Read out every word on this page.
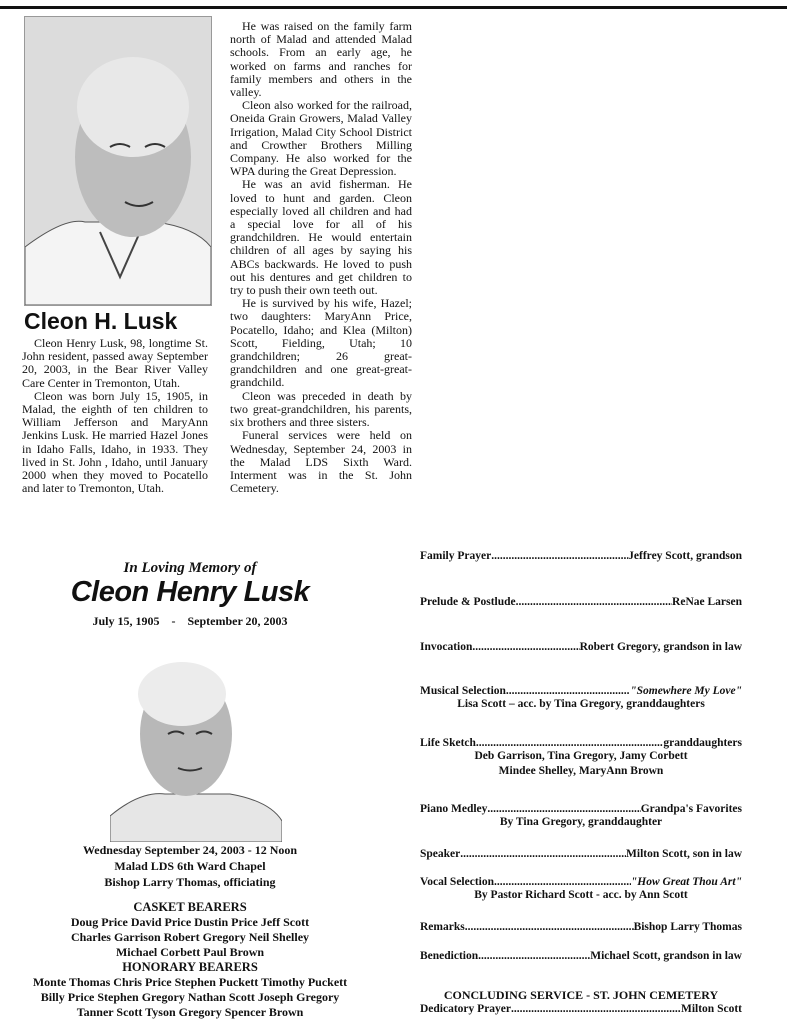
Cleon H. Lusk

Cleon Henry Lusk, 98, longtime St. John resident, passed away September 20, 2003, in the Bear River Valley Care Center in Tremonton, Utah.

Cleon was born July 15, 1905, in Malad, the eighth of ten children to William Jefferson and MaryAnn Jenkins Lusk. He married Hazel Jones in Idaho Falls, Idaho, in 1933. They lived in St. John , Idaho, until January 2000 when they moved to Pocatello and later to Tremonton, Utah.

He was raised on the family farm north of Malad and attended Malad schools. From an early age, he worked on farms and ranches for family members and others in the valley.

Cleon also worked for the railroad, Oneida Grain Growers, Malad Valley Irrigation, Malad City School District and Crowther Brothers Milling Company. He also worked for the WPA during the Great Depression.

He was an avid fisherman. He loved to hunt and garden. Cleon especially loved all children and had a special love for all of his grandchildren. He would entertain children of all ages by saying his ABCs backwards. He loved to push out his dentures and get children to try to push their own teeth out.

He is survived by his wife, Hazel; two daughters: MaryAnn Price, Pocatello, Idaho; and Klea (Milton) Scott, Fielding, Utah; 10 grandchildren; 26 great-grandchildren and one great-great-grandchild.

Cleon was preceded in death by two great-grandchildren, his parents, six brothers and three sisters.

Funeral services were held on Wednesday, September 24, 2003 in the Malad LDS Sixth Ward. Interment was in the St. John Cemetery.

In Loving Memory of
Cleon Henry Lusk
July 15, 1905 - September 20, 2003
Wednesday September 24, 2003 - 12 Noon
Malad LDS 6th Ward Chapel
Bishop Larry Thomas, officiating
CASKET BEARERS
Doug Price David Price Dustin Price Jeff Scott
Charles Garrison Robert Gregory Neil Shelley
Michael Corbett Paul Brown
HONORARY BEARERS
Monte Thomas Chris Price Stephen Puckett Timothy Puckett
Billy Price Stephen Gregory Nathan Scott Joseph Gregory
Tanner Scott Tyson Gregory Spencer Brown
Family Prayer .....	Jeffrey Scott, grandson
Prelude & Postlude .....	ReNae Larsen
Invocation .....	Robert Gregory, grandson in law
Musical Selection .....	"Somewhere My Love"
Lisa Scott – acc. by Tina Gregory, granddaughters
Life Sketch .....	granddaughters
Deb Garrison, Tina Gregory, Jamy Corbett
Mindee Shelley, MaryAnn Brown
Piano Medley .....	Grandpa's Favorites
By Tina Gregory, granddaughter
Speaker .....	Milton Scott, son in law
Vocal Selection .....	"How Great Thou Art"
By Pastor Richard Scott - acc. by Ann Scott
Remarks .....	Bishop Larry Thomas
Benediction .....	Michael Scott, grandson in law
CONCLUDING SERVICE - ST. JOHN CEMETERY
Dedicatory Prayer .....	Milton Scott
